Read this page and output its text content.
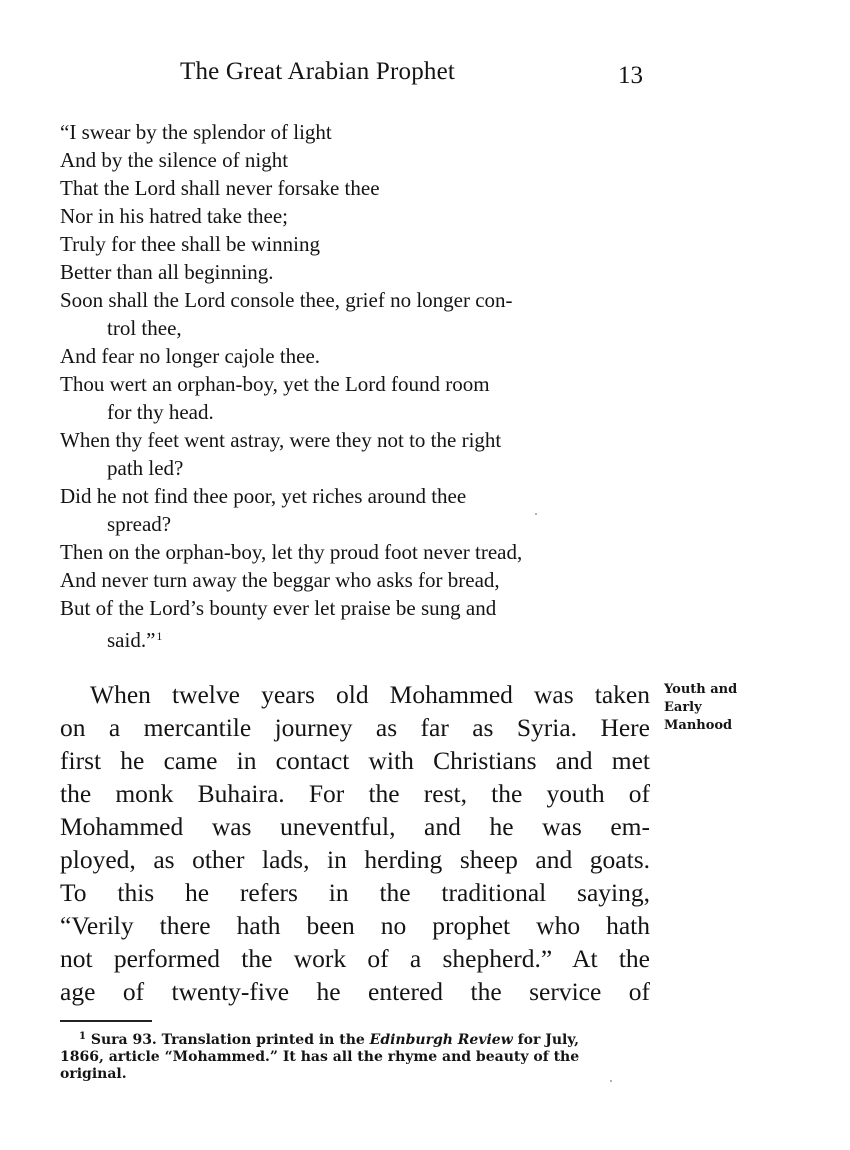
The Great Arabian Prophet	13
“I swear by the splendor of light
And by the silence of night
That the Lord shall never forsake thee
Nor in his hatred take thee;
Truly for thee shall be winning
Better than all beginning.
Soon shall the Lord console thee, grief no longer con-
trol thee,
And fear no longer cajole thee.
Thou wert an orphan-boy, yet the Lord found room
for thy head.
When thy feet went astray, were they not to the right
path led?
Did he not find thee poor, yet riches around thee
spread?
Then on the orphan-boy, let thy proud foot never tread,
And never turn away the beggar who asks for bread,
But of the Lord’s bounty ever let praise be sung and
said.”$^1$
When twelve years old Mohammed was taken
on a mercantile journey as far as Syria. Here
first he came in contact with Christians and met
the monk Buhaira. For the rest, the youth of
Mohammed was uneventful, and he was em-
ployed, as other lads, in herding sheep and goats.
To this he refers in the traditional saying,
“Verily there hath been no prophet who hath
not performed the work of a shepherd.” At the
age of twenty-five he entered the service of
Youth and
Early
Manhood
$^1$ Sura 93. Translation printed in the Edinburgh Review for July,
1866, article “Mohammed.” It has all the rhyme and beauty of the
original.
